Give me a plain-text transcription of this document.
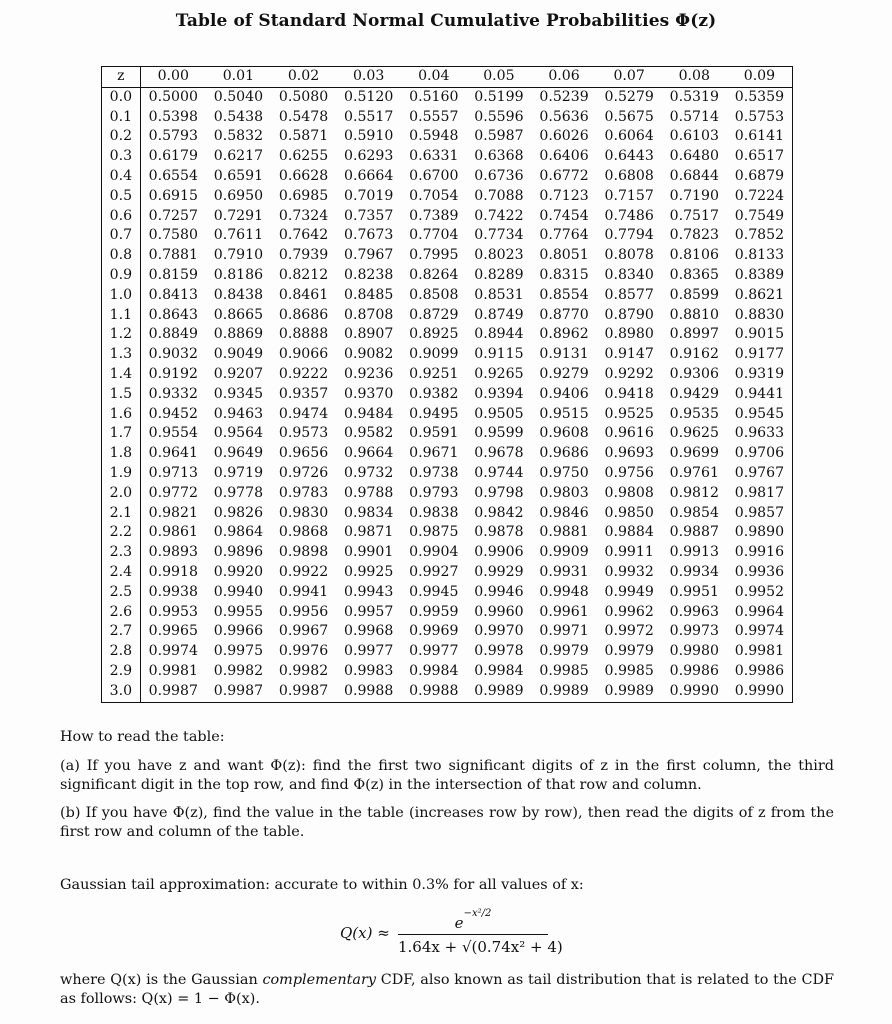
Table of Standard Normal Cumulative Probabilities Φ(z)
z	0.00	0.01	0.02	0.03	0.04	0.05	0.06	0.07	0.08	0.09
0.0	0.5000	0.5040	0.5080	0.5120	0.5160	0.5199	0.5239	0.5279	0.5319	0.5359
0.1	0.5398	0.5438	0.5478	0.5517	0.5557	0.5596	0.5636	0.5675	0.5714	0.5753
0.2	0.5793	0.5832	0.5871	0.5910	0.5948	0.5987	0.6026	0.6064	0.6103	0.6141
0.3	0.6179	0.6217	0.6255	0.6293	0.6331	0.6368	0.6406	0.6443	0.6480	0.6517
0.4	0.6554	0.6591	0.6628	0.6664	0.6700	0.6736	0.6772	0.6808	0.6844	0.6879
0.5	0.6915	0.6950	0.6985	0.7019	0.7054	0.7088	0.7123	0.7157	0.7190	0.7224
0.6	0.7257	0.7291	0.7324	0.7357	0.7389	0.7422	0.7454	0.7486	0.7517	0.7549
0.7	0.7580	0.7611	0.7642	0.7673	0.7704	0.7734	0.7764	0.7794	0.7823	0.7852
0.8	0.7881	0.7910	0.7939	0.7967	0.7995	0.8023	0.8051	0.8078	0.8106	0.8133
0.9	0.8159	0.8186	0.8212	0.8238	0.8264	0.8289	0.8315	0.8340	0.8365	0.8389
1.0	0.8413	0.8438	0.8461	0.8485	0.8508	0.8531	0.8554	0.8577	0.8599	0.8621
1.1	0.8643	0.8665	0.8686	0.8708	0.8729	0.8749	0.8770	0.8790	0.8810	0.8830
1.2	0.8849	0.8869	0.8888	0.8907	0.8925	0.8944	0.8962	0.8980	0.8997	0.9015
1.3	0.9032	0.9049	0.9066	0.9082	0.9099	0.9115	0.9131	0.9147	0.9162	0.9177
1.4	0.9192	0.9207	0.9222	0.9236	0.9251	0.9265	0.9279	0.9292	0.9306	0.9319
1.5	0.9332	0.9345	0.9357	0.9370	0.9382	0.9394	0.9406	0.9418	0.9429	0.9441
1.6	0.9452	0.9463	0.9474	0.9484	0.9495	0.9505	0.9515	0.9525	0.9535	0.9545
1.7	0.9554	0.9564	0.9573	0.9582	0.9591	0.9599	0.9608	0.9616	0.9625	0.9633
1.8	0.9641	0.9649	0.9656	0.9664	0.9671	0.9678	0.9686	0.9693	0.9699	0.9706
1.9	0.9713	0.9719	0.9726	0.9732	0.9738	0.9744	0.9750	0.9756	0.9761	0.9767
2.0	0.9772	0.9778	0.9783	0.9788	0.9793	0.9798	0.9803	0.9808	0.9812	0.9817
2.1	0.9821	0.9826	0.9830	0.9834	0.9838	0.9842	0.9846	0.9850	0.9854	0.9857
2.2	0.9861	0.9864	0.9868	0.9871	0.9875	0.9878	0.9881	0.9884	0.9887	0.9890
2.3	0.9893	0.9896	0.9898	0.9901	0.9904	0.9906	0.9909	0.9911	0.9913	0.9916
2.4	0.9918	0.9920	0.9922	0.9925	0.9927	0.9929	0.9931	0.9932	0.9934	0.9936
2.5	0.9938	0.9940	0.9941	0.9943	0.9945	0.9946	0.9948	0.9949	0.9951	0.9952
2.6	0.9953	0.9955	0.9956	0.9957	0.9959	0.9960	0.9961	0.9962	0.9963	0.9964
2.7	0.9965	0.9966	0.9967	0.9968	0.9969	0.9970	0.9971	0.9972	0.9973	0.9974
2.8	0.9974	0.9975	0.9976	0.9977	0.9977	0.9978	0.9979	0.9979	0.9980	0.9981
2.9	0.9981	0.9982	0.9982	0.9983	0.9984	0.9984	0.9985	0.9985	0.9986	0.9986
3.0	0.9987	0.9987	0.9987	0.9988	0.9988	0.9989	0.9989	0.9989	0.9990	0.9990
How to read the table:
(a) If you have z and want Φ(z): find the first two significant digits of z in the first column, the third significant digit in the top row, and find Φ(z) in the intersection of that row and column.
(b) If you have Φ(z), find the value in the table (increases row by row), then read the digits of z from the first row and column of the table.
Gaussian tail approximation: accurate to within 0.3% for all values of x:
Q(x) ≈
$e^{-x^2/2}$
1.64x + √(0.74x² + 4)
where Q(x) is the Gaussian complementary CDF, also known as tail distribution that is related to the CDF as follows: Q(x) = 1 − Φ(x).
